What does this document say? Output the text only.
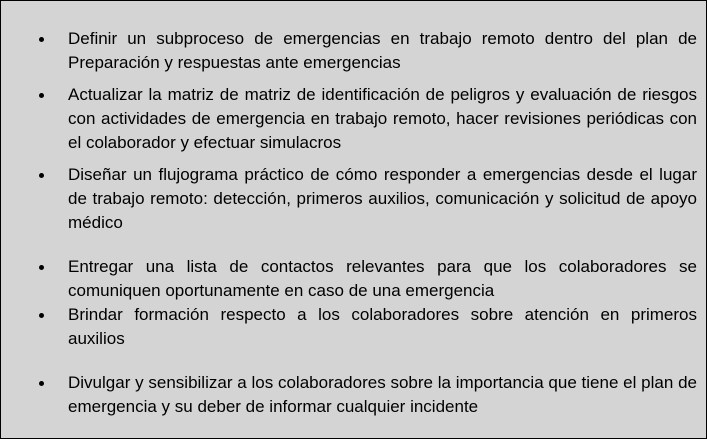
Definir un subproceso de emergencias en trabajo remoto dentro del plan de Preparación y respuestas ante emergencias
Actualizar la matriz de matriz de identificación de peligros y evaluación de riesgos con actividades de emergencia en trabajo remoto, hacer revisiones periódicas con el colaborador y efectuar simulacros
Diseñar un flujograma práctico de cómo responder a emergencias desde el lugar de trabajo remoto: detección, primeros auxilios, comunicación y solicitud de apoyo médico
Entregar una lista de contactos relevantes para que los colaboradores se comuniquen oportunamente en caso de una emergencia
Brindar formación respecto a los colaboradores sobre atención en primeros auxilios
Divulgar y sensibilizar a los colaboradores sobre la importancia que tiene el plan de emergencia y su deber de informar cualquier incidente
